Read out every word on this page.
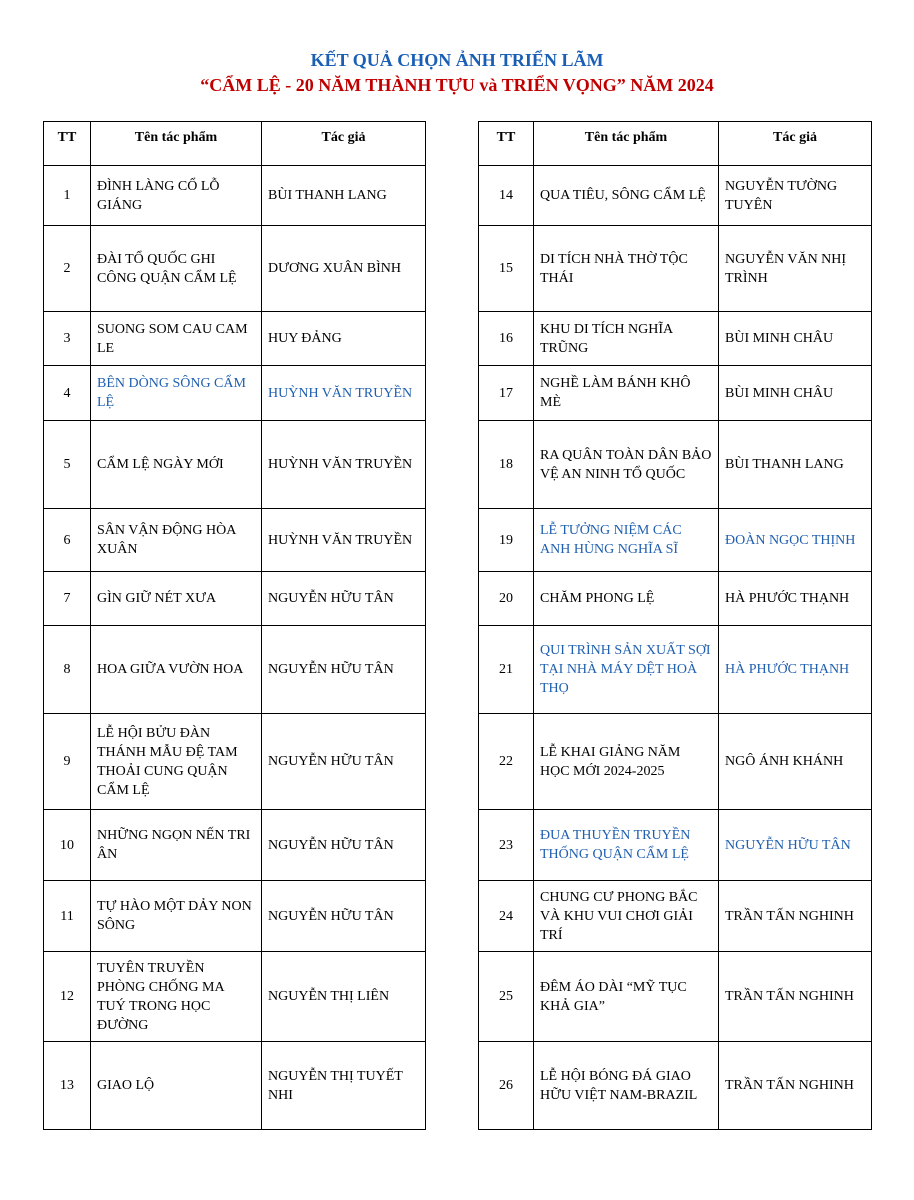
KẾT QUẢ CHỌN ẢNH TRIỂN LÃM
“CẨM LỆ - 20 NĂM THÀNH TỰU và TRIỂN VỌNG” NĂM 2024
TT	Tên tác phẩm	Tác giả
1	ĐÌNH LÀNG CỔ LỖ GIÁNG	BÙI THANH LANG
2	ĐÀI TỔ QUỐC GHI CÔNG QUẬN CẨM LỆ	DƯƠNG XUÂN BÌNH
3	SUONG SOM CAU CAM LE	HUY ĐẢNG
4	BÊN DÒNG SÔNG CẨM LỆ	HUỲNH VĂN TRUYỀN
5	CẨM LỆ NGÀY MỚI	HUỲNH VĂN TRUYỀN
6	SÂN VẬN ĐỘNG HÒA XUÂN	HUỲNH VĂN TRUYỀN
7	GÌN GIỮ NÉT XƯA	NGUYỄN HỮU TÂN
8	HOA GIỮA VƯỜN HOA	NGUYỄN HỮU TÂN
9	LỄ HỘI BỬU ĐÀN THÁNH MẪU ĐỆ TAM THOẢI CUNG QUẬN CẨM LỆ	NGUYỄN HỮU TÂN
10	NHỮNG NGỌN NẾN TRI ÂN	NGUYỄN HỮU TÂN
11	TỰ HÀO MỘT DẢY NON SÔNG	NGUYỄN HỮU TÂN
12	TUYÊN TRUYỀN PHÒNG CHỐNG MA TUÝ TRONG HỌC ĐƯỜNG	NGUYỄN THỊ LIÊN
13	GIAO LỘ	NGUYỄN THỊ TUYẾT NHI
TT	Tên tác phẩm	Tác giả
14	QUA TIÊU, SÔNG CẨM LỆ	NGUYỄN TƯỜNG TUYÊN
15	DI TÍCH NHÀ THỜ TỘC THÁI	NGUYỄN VĂN NHỊ TRÌNH
16	KHU DI TÍCH NGHĨA TRŨNG	BÙI MINH CHÂU
17	NGHỀ LÀM BÁNH KHÔ MÈ	BÙI MINH CHÂU
18	RA QUÂN TOÀN DÂN BẢO VỆ AN NINH TỔ QUỐC	BÙI THANH LANG
19	LỄ TƯỞNG NIỆM CÁC ANH HÙNG NGHĨA SĨ	ĐOÀN NGỌC THỊNH
20	CHĂM PHONG LỆ	HÀ PHƯỚC THẠNH
21	QUI TRÌNH SẢN XUẤT SỢI TẠI NHÀ MÁY DỆT HOÀ THỌ	HÀ PHƯỚC THẠNH
22	LỄ KHAI GIẢNG NĂM HỌC MỚI 2024-2025	NGÔ ÁNH KHÁNH
23	ĐUA THUYỀN TRUYỀN THỐNG QUẬN CẨM LỆ	NGUYỄN HỮU TÂN
24	CHUNG CƯ PHONG BẮC VÀ KHU VUI CHƠI GIẢI TRÍ	TRẦN TẤN NGHINH
25	ĐÊM ÁO DÀI “MỸ TỤC KHẢ GIA”	TRẦN TẤN NGHINH
26	LỄ HỘI BÓNG ĐÁ GIAO HỮU VIỆT NAM-BRAZIL	TRẦN TẤN NGHINH
